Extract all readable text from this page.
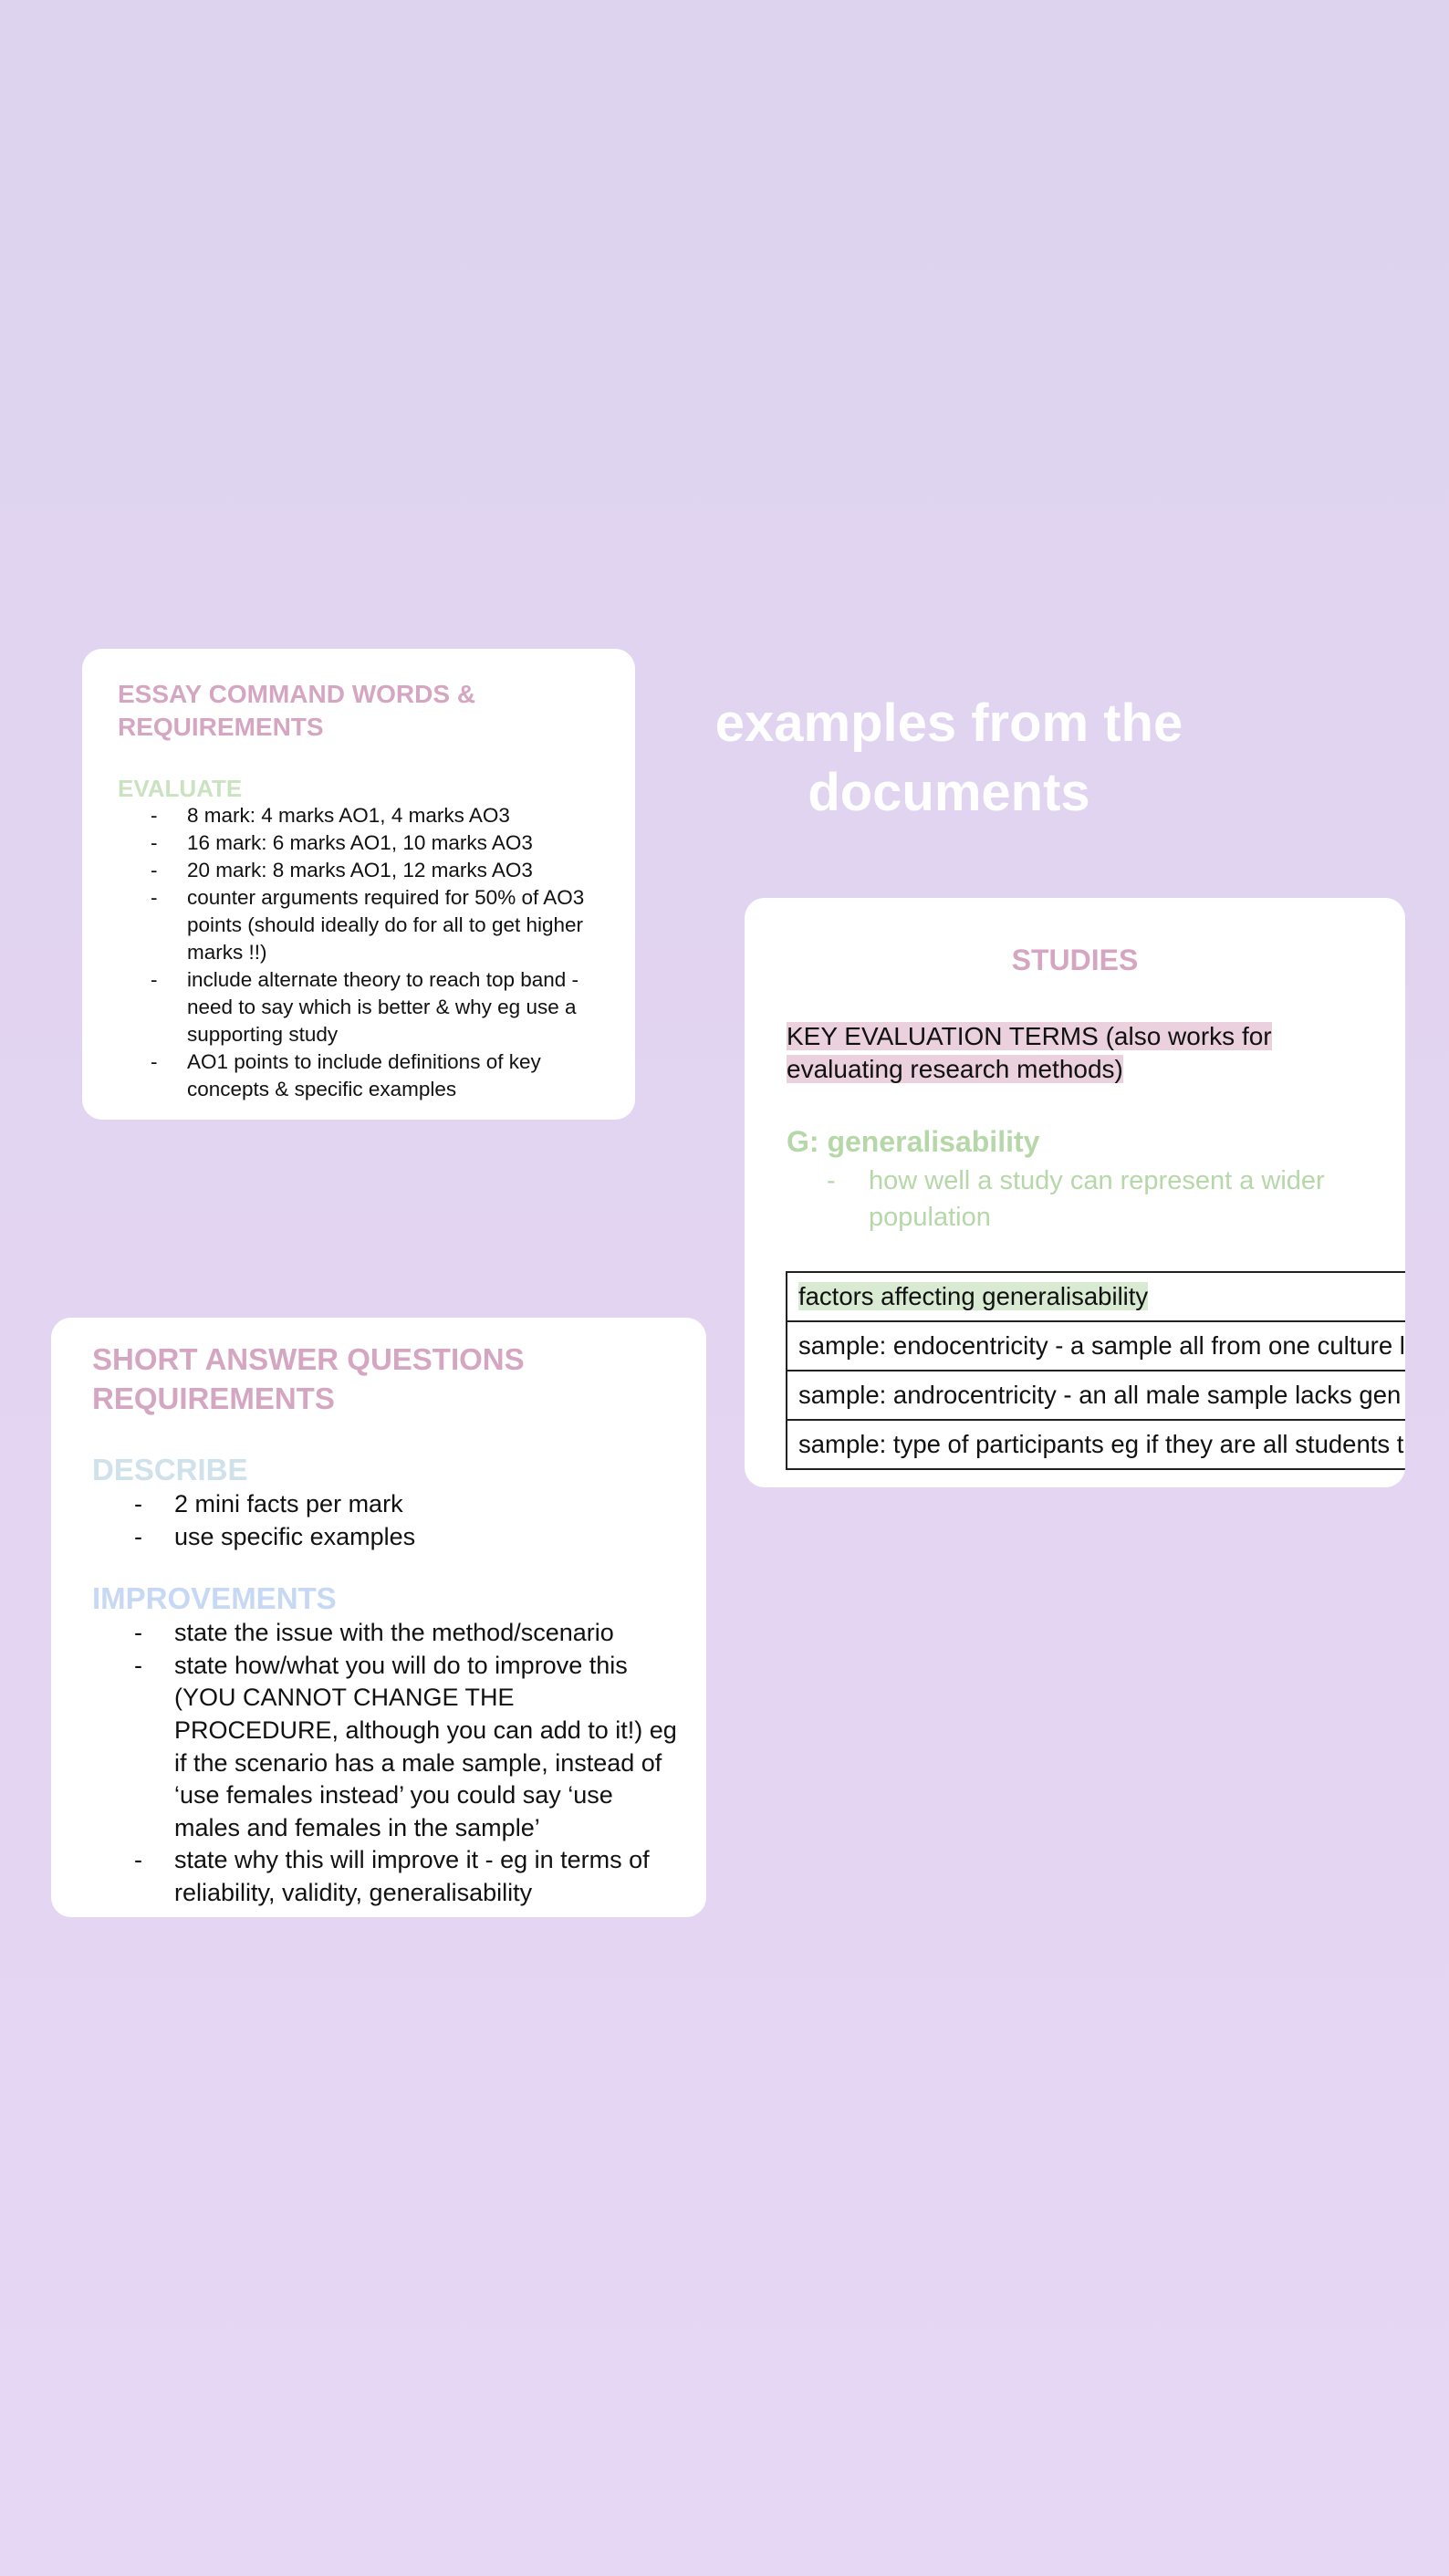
ESSAY COMMAND WORDS & REQUIREMENTS
EVALUATE
- 8 mark: 4 marks AO1, 4 marks AO3
- 16 mark: 6 marks AO1, 10 marks AO3
- 20 mark: 8 marks AO1, 12 marks AO3
- counter arguments required for 50% of AO3 points (should ideally do for all to get higher marks !!)
- include alternate theory to reach top band - need to say which is better & why eg use a supporting study
- AO1 points to include definitions of key concepts & specific examples
examples from the
documents
STUDIES
KEY EVALUATION TERMS (also works for evaluating research methods)
G: generalisability
-	how well a study can represent a wider population
factors affecting generalisability
sample: endocentricity - a sample all from one culture l
sample: androcentricity - an all male sample lacks gen
sample: type of participants eg if they are all students t
SHORT ANSWER QUESTIONS REQUIREMENTS
DESCRIBE
- 2 mini facts per mark
- use specific examples
IMPROVEMENTS
- state the issue with the method/scenario
- state how/what you will do to improve this (YOU CANNOT CHANGE THE PROCEDURE, although you can add to it!) eg if the scenario has a male sample, instead of ‘use females instead’ you could say ‘use males and females in the sample’
- state why this will improve it - eg in terms of reliability, validity, generalisability
